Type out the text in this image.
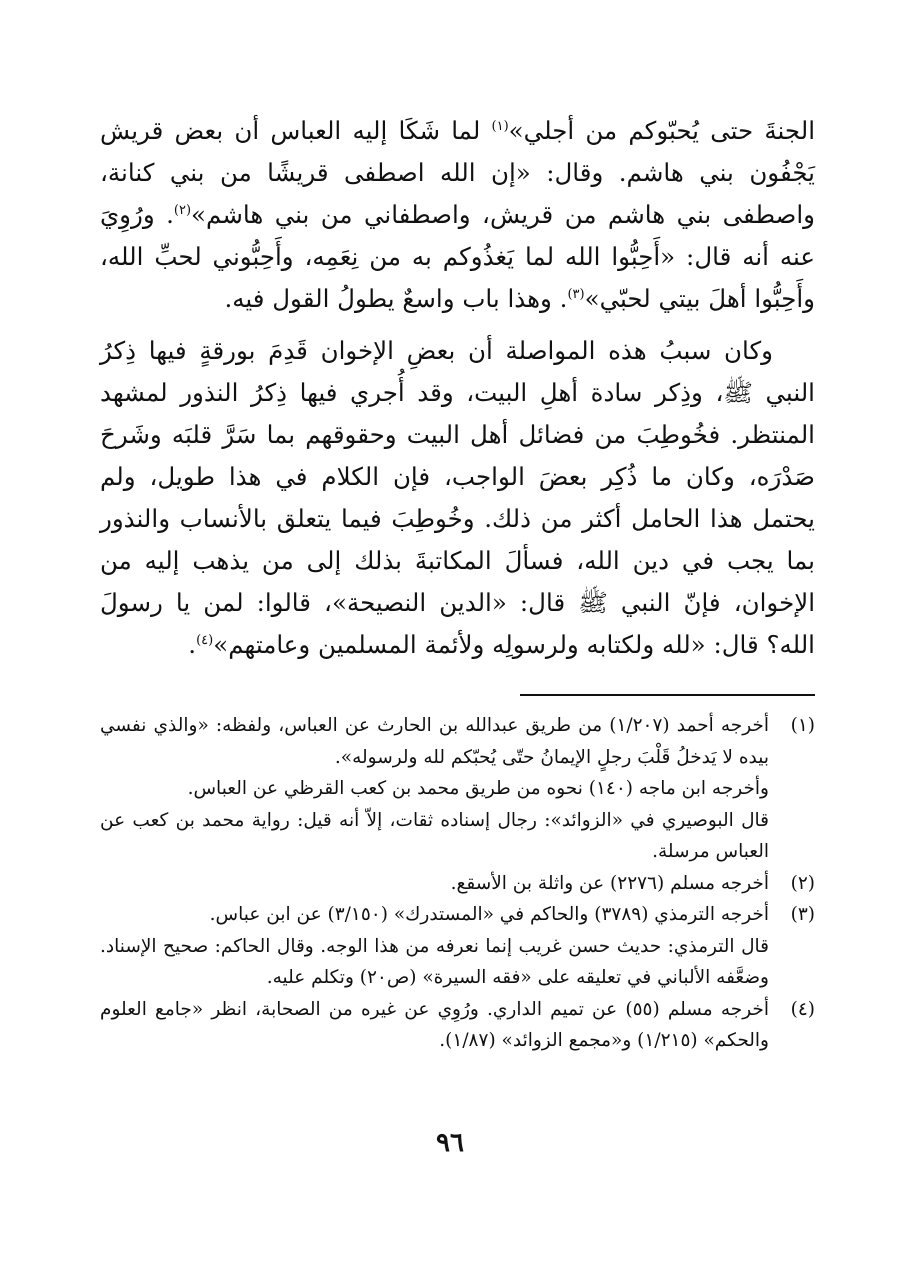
الجنةَ حتى يُحبّوكم من أجلي»$^{(١)}$ لما شَكَا إليه العباس أن بعض قريش يَجْفُون بني هاشم. وقال: «إن الله اصطفى قريشًا من بني كنانة، واصطفى بني هاشم من قريش، واصطفاني من بني هاشم»$^{(٢)}$. ورُوِيَ عنه أنه قال: «أَحِبُّوا الله لما يَغذُوكم به من نِعَمِه، وأَحِبُّوني لحبِّ الله، وأَحِبُّوا أهلَ بيتي لحبّي»$^{(٣)}$. وهذا باب واسعٌ يطولُ القول فيه.

وكان سببُ هذه المواصلة أن بعضِ الإخوان قَدِمَ بورقةٍ فيها ذِكرُ النبي ﷺ، وذِكر سادة أهلِ البيت، وقد أُجري فيها ذِكرُ النذور لمشهد المنتظر. فخُوطِبَ من فضائل أهل البيت وحقوقهم بما سَرَّ قلبَه وشَرحَ صَدْرَه، وكان ما ذُكِر بعضَ الواجب، فإن الكلام في هذا طويل، ولم يحتمل هذا الحامل أكثر من ذلك. وخُوطِبَ فيما يتعلق بالأنساب والنذور بما يجب في دين الله، فسألَ المكاتبةَ بذلك إلى من يذهب إليه من الإخوان، فإنّ النبي ﷺ قال: «الدين النصيحة»، قالوا: لمن يا رسولَ الله؟ قال: «لله ولكتابه ولرسولِه ولأئمة المسلمين وعامتهم»$^{(٤)}$.

(١)
أخرجه أحمد (١/٢٠٧) من طريق عبدالله بن الحارث عن العباس، ولفظه: «والذي نفسي بيده لا يَدخلُ قَلْبَ رجلٍ الإيمانُ حتّى يُحبّكم لله ولرسوله».
وأخرجه ابن ماجه (١٤٠) نحوه من طريق محمد بن كعب القرظي عن العباس.
قال البوصيري في «الزوائد»: رجال إسناده ثقات، إلاّ أنه قيل: رواية محمد بن كعب عن العباس مرسلة.
(٢)
أخرجه مسلم (٢٢٧٦) عن واثلة بن الأسقع.
(٣)
أخرجه الترمذي (٣٧٨٩) والحاكم في «المستدرك» (٣/١٥٠) عن ابن عباس.
قال الترمذي: حديث حسن غريب إنما نعرفه من هذا الوجه. وقال الحاكم: صحيح الإسناد. وضعَّفه الألباني في تعليقه على «فقه السيرة» (ص٢٠) وتكلم عليه.
(٤)
أخرجه مسلم (٥٥) عن تميم الداري. ورُوِي عن غيره من الصحابة، انظر «جامع العلوم والحكم» (١/٢١٥) و«مجمع الزوائد» (١/٨٧).
٩٦
